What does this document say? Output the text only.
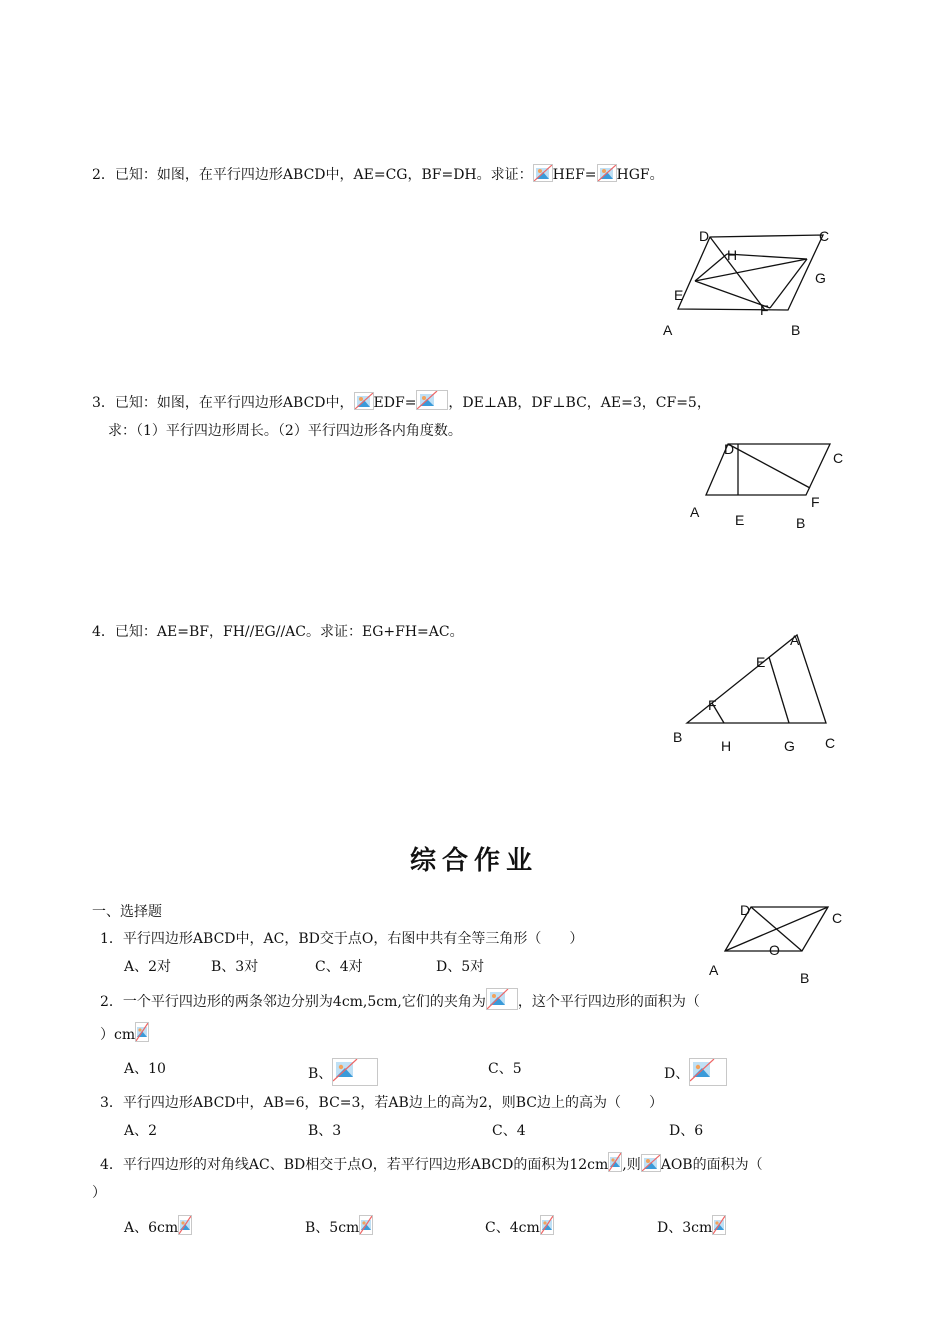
2．已知：如图，在平行四边形ABCD中，AE=CG，BF=DH。求证： HEF= HGF。
D	C
H
G
E
F
A	B
3．已知：如图，在平行四边形ABCD中， EDF= ，DE⊥AB，DF⊥BC，AE=3，CF=5，
求：（1）平行四边形周长。（2）平行四边形各内角度数。
D
C
F
A	E	B
4．已知：AE=BF，FH//EG//AC。求证：EG+FH=AC。	A
E
F
B
H	G C
综合作业
一、选择题	D	C
O
A	B
1．平行四边形ABCD中，AC，BD交于点O，右图中共有全等三角形（　　）
A、2对	B、3对	C、4对	D、5对
2．一个平行四边形的两条邻边分别为4cm,5cm,它们的夹角为 ，这个平行四边形的面积为（
）cm
A、10	B、	C、5	D、
3．平行四边形ABCD中，AB=6，BC=3，若AB边上的高为2，则BC边上的高为（　　）
A、2	B、3	C、4	D、6
4．平行四边形的对角线AC、BD相交于点O，若平行四边形ABCD的面积为12cm ,则 AOB的面积为（
）
A、6cm	B、5cm	C、4cm	D、3cm
